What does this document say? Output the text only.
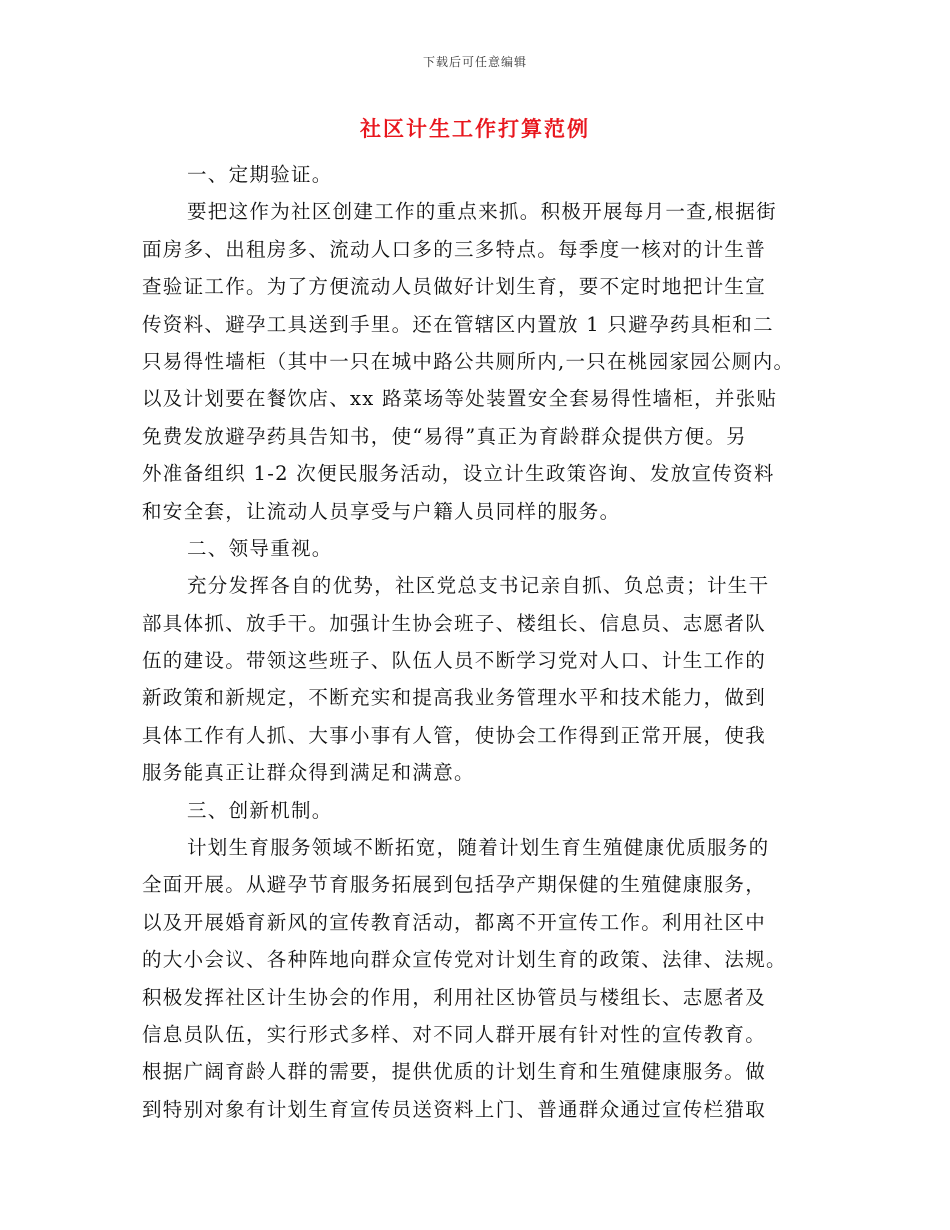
下载后可任意编辑
社区计生工作打算范例
一、定期验证。
要把这作为社区创建工作的重点来抓。积极开展每月一查,根据街
面房多、出租房多、流动人口多的三多特点。每季度一核对的计生普
查验证工作。为了方便流动人员做好计划生育，要不定时地把计生宣
传资料、避孕工具送到手里。还在管辖区内置放 1 只避孕药具柜和二
只易得性墙柜（其中一只在城中路公共厕所内,一只在桃园家园公厕内。
以及计划要在餐饮店、xx 路菜场等处装置安全套易得性墙柜，并张贴
免费发放避孕药具告知书，使“易得”真正为育龄群众提供方便。另
外准备组织 1-2 次便民服务活动，设立计生政策咨询、发放宣传资料
和安全套，让流动人员享受与户籍人员同样的服务。
二、领导重视。
充分发挥各自的优势，社区党总支书记亲自抓、负总责；计生干
部具体抓、放手干。加强计生协会班子、楼组长、信息员、志愿者队
伍的建设。带领这些班子、队伍人员不断学习党对人口、计生工作的
新政策和新规定，不断充实和提高我业务管理水平和技术能力，做到
具体工作有人抓、大事小事有人管，使协会工作得到正常开展，使我
服务能真正让群众得到满足和满意。
三、创新机制。
计划生育服务领域不断拓宽，随着计划生育生殖健康优质服务的
全面开展。从避孕节育服务拓展到包括孕产期保健的生殖健康服务，
以及开展婚育新风的宣传教育活动，都离不开宣传工作。利用社区中
的大小会议、各种阵地向群众宣传党对计划生育的政策、法律、法规。
积极发挥社区计生协会的作用，利用社区协管员与楼组长、志愿者及
信息员队伍，实行形式多样、对不同人群开展有针对性的宣传教育。
根据广阔育龄人群的需要，提供优质的计划生育和生殖健康服务。做
到特别对象有计划生育宣传员送资料上门、普通群众通过宣传栏猎取
